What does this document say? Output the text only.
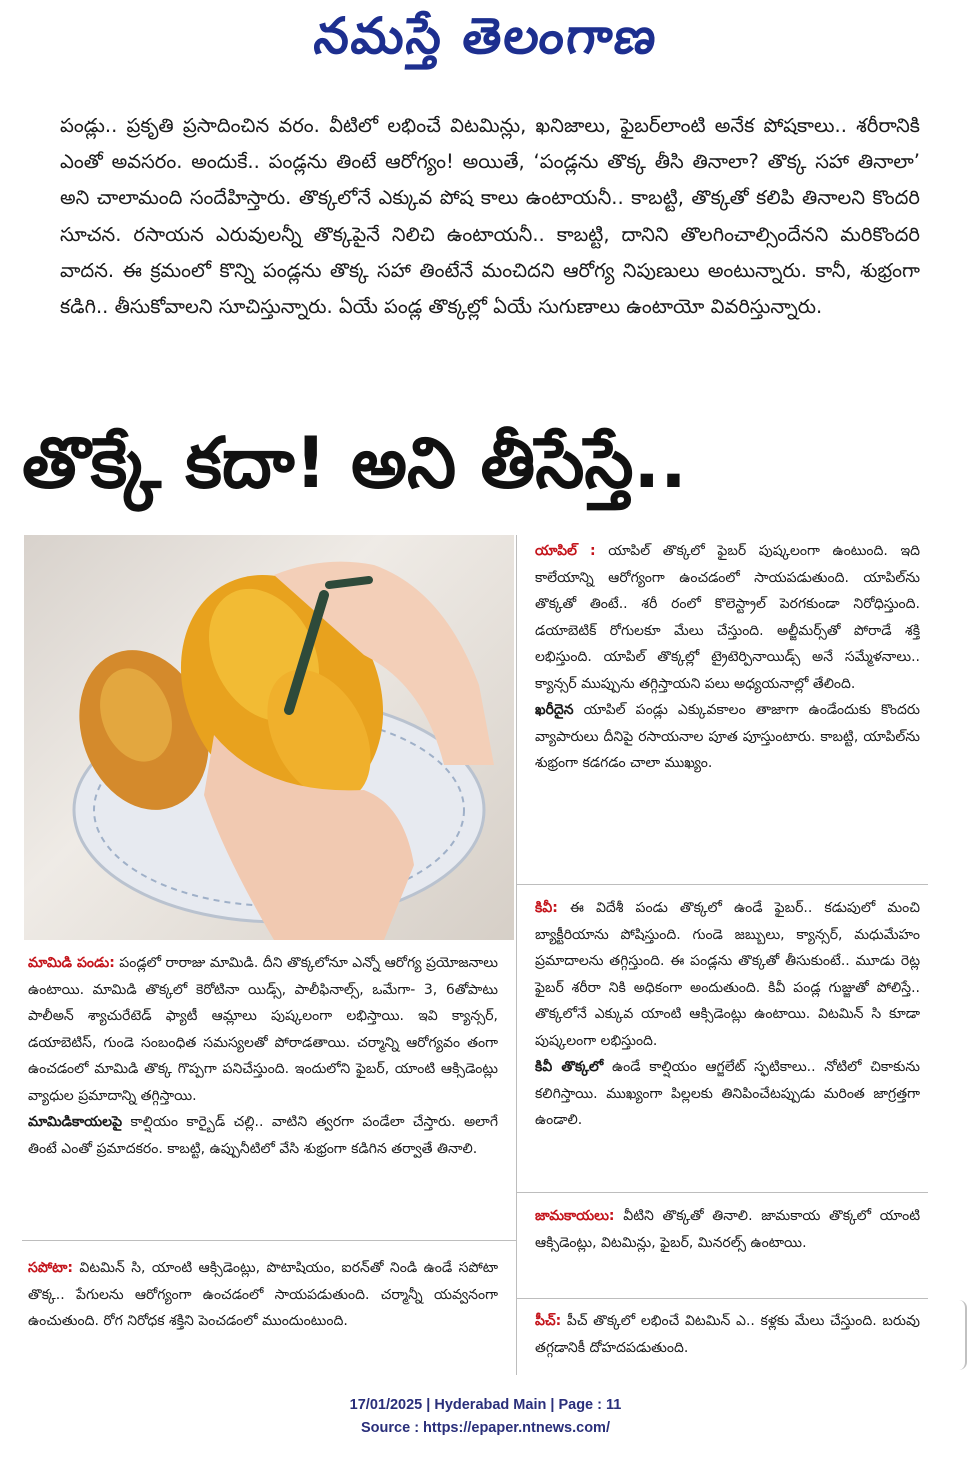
నమస్తే తెలంగాణ

పండ్లు.. ప్రకృతి ప్రసాదించిన వరం. వీటిలో లభించే విటమిన్లు, ఖనిజాలు, ఫైబర్‌లాంటి అనేక పోషకాలు.. శరీరానికి ఎంతో అవసరం. అందుకే.. పండ్లను తింటే ఆరోగ్యం! అయితే, ‘పండ్లను తొక్క తీసి తినాలా? తొక్క సహా తినాలా’ అని చాలామంది సందేహిస్తారు. తొక్కలోనే ఎక్కువ పోష కాలు ఉంటాయనీ.. కాబట్టి, తొక్కతో కలిపి తినాలని కొందరి సూచన. రసాయన ఎరువులన్నీ తొక్కపైనే నిలిచి ఉంటాయనీ.. కాబట్టి, దానిని తొలగించాల్సిందేనని మరికొందరి వాదన. ఈ క్రమంలో కొన్ని పండ్లను తొక్క సహా తింటేనే మంచిదని ఆరోగ్య నిపుణులు అంటున్నారు. కానీ, శుభ్రంగా కడిగి.. తీసుకోవాలని సూచిస్తున్నారు. ఏయే పండ్ల తొక్కల్లో ఏయే సుగుణాలు ఉంటాయో వివరిస్తున్నారు.

తొక్కే కదా! అని తీసేస్తే..

యాపిల్ : యాపిల్ తొక్కలో ఫైబర్ పుష్కలంగా ఉంటుంది. ఇది కాలేయాన్ని ఆరోగ్యంగా ఉంచడంలో సాయపడుతుంది. యాపిల్‌ను తొక్కతో తింటే.. శరీ రంలో కొలెస్ట్రాల్ పెరగకుండా నిరోధిస్తుంది. డయాబెటిక్ రోగులకూ మేలు చేస్తుంది. అల్జీమర్స్‌తో పోరాడే శక్తి లభిస్తుంది. యాపిల్ తొక్కల్లో ట్రైటెర్పినాయిడ్స్ అనే సమ్మేళనాలు.. క్యాన్సర్ ముప్పును తగ్గిస్తాయని పలు అధ్యయనాల్లో తేలింది.

ఖరీదైన యాపిల్ పండ్లు ఎక్కువకాలం తాజాగా ఉండేందుకు కొందరు వ్యాపారులు దీనిపై రసాయనాల పూత పూస్తుంటారు. కాబట్టి, యాపిల్‌ను శుభ్రంగా కడగడం చాలా ముఖ్యం.

కివీ: ఈ విదేశీ పండు తొక్కలో ఉండే ఫైబర్.. కడుపులో మంచి బ్యాక్టీరియాను పోషిస్తుంది. గుండె జబ్బులు, క్యాన్సర్, మధుమేహం ప్రమాదాలను తగ్గిస్తుంది. ఈ పండ్లను తొక్కతో తీసుకుంటే.. మూడు రెట్ల ఫైబర్ శరీరా నికి అధికంగా అందుతుంది. కివీ పండ్ల గుజ్జుతో పోలిస్తే.. తొక్కలోనే ఎక్కువ యాంటి ఆక్సిడెంట్లు ఉంటాయి. విటమిన్ సి కూడా పుష్కలంగా లభిస్తుంది.

కివీ తొక్కలో ఉండే కాల్షియం ఆగ్జలేట్ స్ఫటికాలు.. నోటిలో చికాకును కలిగిస్తాయి. ముఖ్యంగా పిల్లలకు తినిపించేటప్పుడు మరింత జాగ్రత్తగా ఉండాలి.

జామకాయలు: వీటిని తొక్కతో తినాలి. జామకాయ తొక్కలో యాంటి ఆక్సిడెంట్లు, విటమిన్లు, ఫైబర్, మినరల్స్ ఉంటాయి.

పీచ్: పీచ్ తొక్కలో లభించే విటమిన్ ఎ.. కళ్లకు మేలు చేస్తుంది. బరువు తగ్గడానికీ దోహదపడుతుంది.

మామిడి పండు: పండ్లలో రారాజు మామిడి. దీని తొక్కలోనూ ఎన్నో ఆరోగ్య ప్రయోజనాలు ఉంటాయి. మామిడి తొక్కలో కెరోటినా యిడ్స్, పాలీఫినాల్స్, ఒమేగా- 3, 6తోపాటు పాలీఅన్ శ్యాచురేటెడ్ ఫ్యాటీ ఆమ్లాలు పుష్కలంగా లభిస్తాయి. ఇవి క్యాన్సర్, డయాబెటిస్, గుండె సంబంధిత సమస్యలతో పోరాడతాయి. చర్మాన్ని ఆరోగ్యవం తంగా ఉంచడంలో మామిడి తొక్క గొప్పగా పనిచేస్తుంది. ఇందులోని ఫైబర్, యాంటి ఆక్సిడెంట్లు వ్యాధుల ప్రమాదాన్ని తగ్గిస్తాయి.

మామిడికాయలపై కాల్షియం కార్బైడ్ చల్లి.. వాటిని త్వరగా పండేలా చేస్తారు. అలాగే తింటే ఎంతో ప్రమాదకరం. కాబట్టి, ఉప్పునీటిలో వేసి శుభ్రంగా కడిగిన తర్వాతే తినాలి.

సపోటా: విటమిన్ సి, యాంటి ఆక్సిడెంట్లు, పొటాషియం, ఐరన్‌తో నిండి ఉండే సపోటా తొక్క.. పేగులను ఆరోగ్యంగా ఉంచడంలో సాయపడుతుంది. చర్మాన్నీ యవ్వనంగా ఉంచుతుంది. రోగ నిరోధక శక్తిని పెంచడంలో ముందుంటుంది.

17/01/2025 | Hyderabad Main | Page : 11
Source : https://epaper.ntnews.com/
